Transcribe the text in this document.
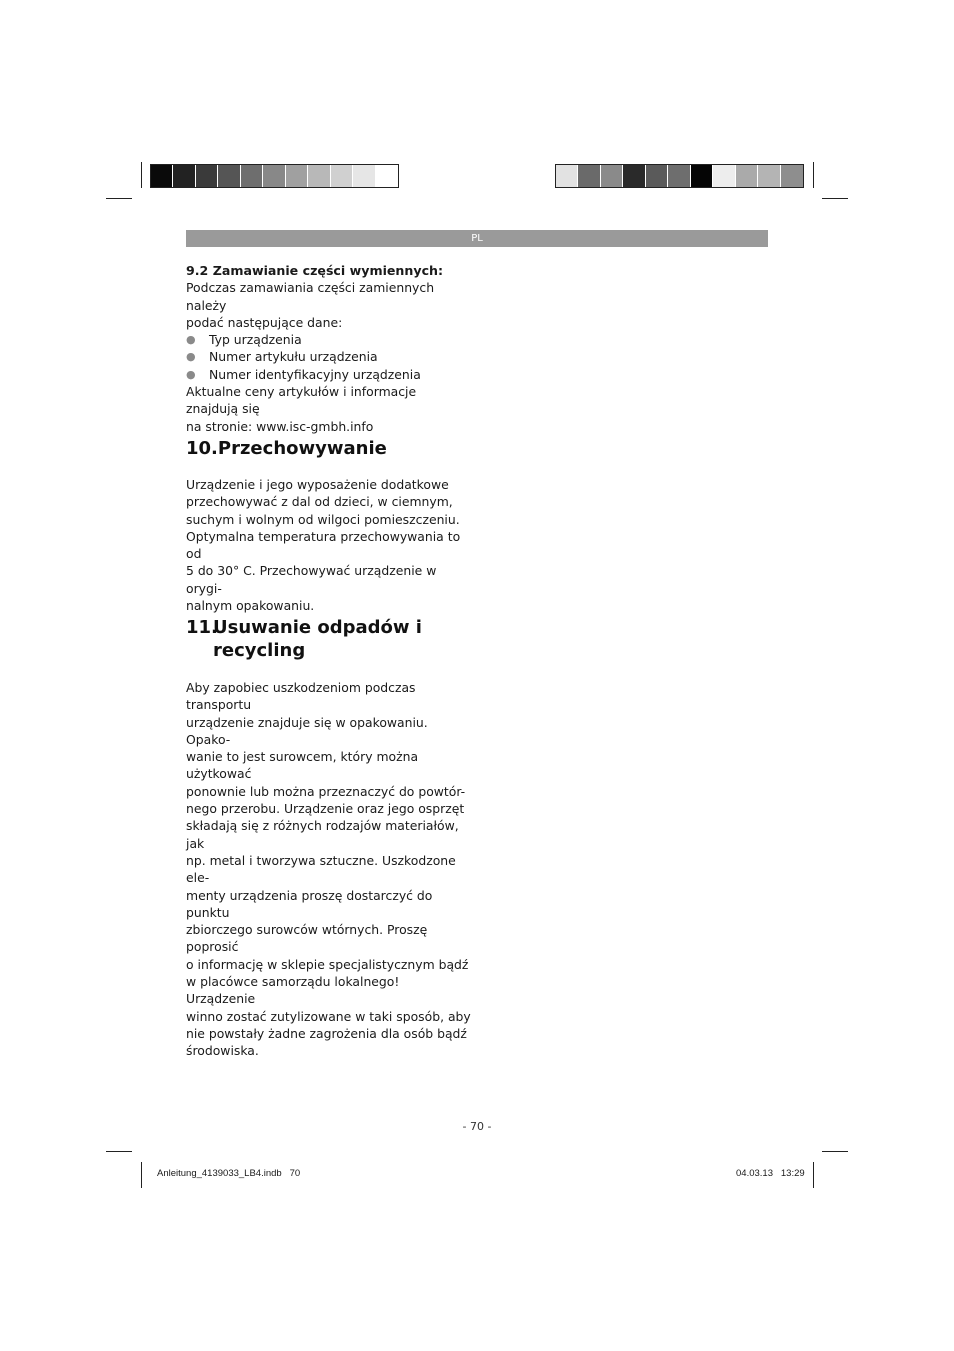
PL
9.2 Zamawianie części wymiennych:
Podczas zamawiania części zamiennych należy
podać następujące dane:
● Typ urządzenia
● Numer artykułu urządzenia
● Numer identyfikacyjny urządzenia
Aktualne ceny artykułów i informacje znajdują się
na stronie: www.isc-gmbh.info
10.Przechowywanie
Urządzenie i jego wyposażenie dodatkowe
przechowywać z dal od dzieci, w ciemnym,
suchym i wolnym od wilgoci pomieszczeniu.
Optymalna temperatura przechowywania to od
5 do 30° C. Przechowywać urządzenie w orygi-
nalnym opakowaniu.
11.
Usuwanie odpadów i
recycling
Aby zapobiec uszkodzeniom podczas transportu
urządzenie znajduje się w opakowaniu. Opako-
wanie to jest surowcem, który można użytkować
ponownie lub można przeznaczyć do powtór-
nego przerobu. Urządzenie oraz jego osprzęt
składają się z różnych rodzajów materiałów, jak
np. metal i tworzywa sztuczne. Uszkodzone ele-
menty urządzenia proszę dostarczyć do punktu
zbiorczego surowców wtórnych. Proszę poprosić
o informację w sklepie specjalistycznym bądź
w placówce samorządu lokalnego! Urządzenie
winno zostać zutylizowane w taki sposób, aby
nie powstały żadne zagrożenia dla osób bądź
środowiska.
- 70 -
Anleitung_4139033_LB4.indb   70	04.03.13   13:29
